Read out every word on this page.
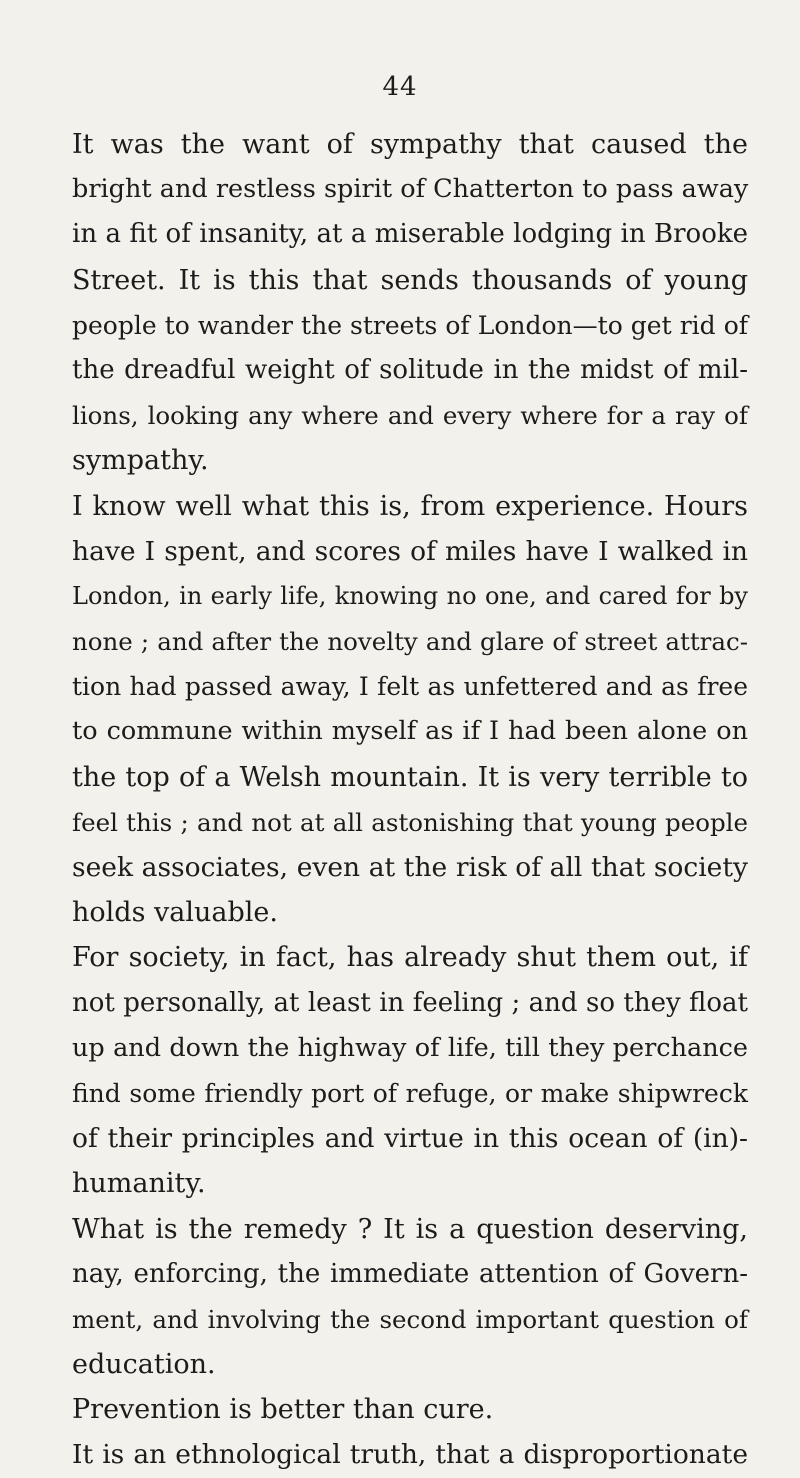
44
It was the want of sympathy that caused the
bright and restless spirit of Chatterton to pass away
in a fit of insanity, at a miserable lodging in Brooke
Street. It is this that sends thousands of young
people to wander the streets of London—to get rid of
the dreadful weight of solitude in the midst of mil-
lions, looking any where and every where for a ray of
sympathy.
I know well what this is, from experience. Hours
have I spent, and scores of miles have I walked in
London, in early life, knowing no one, and cared for by
none ; and after the novelty and glare of street attrac-
tion had passed away, I felt as unfettered and as free
to commune within myself as if I had been alone on
the top of a Welsh mountain. It is very terrible to
feel this ; and not at all astonishing that young people
seek associates, even at the risk of all that society
holds valuable.
For society, in fact, has already shut them out, if
not personally, at least in feeling ; and so they float
up and down the highway of life, till they perchance
find some friendly port of refuge, or make shipwreck
of their principles and virtue in this ocean of (in)-
humanity.
What is the remedy ? It is a question deserving,
nay, enforcing, the immediate attention of Govern-
ment, and involving the second important question of
education.
Prevention is better than cure.
It is an ethnological truth, that a disproportionate
